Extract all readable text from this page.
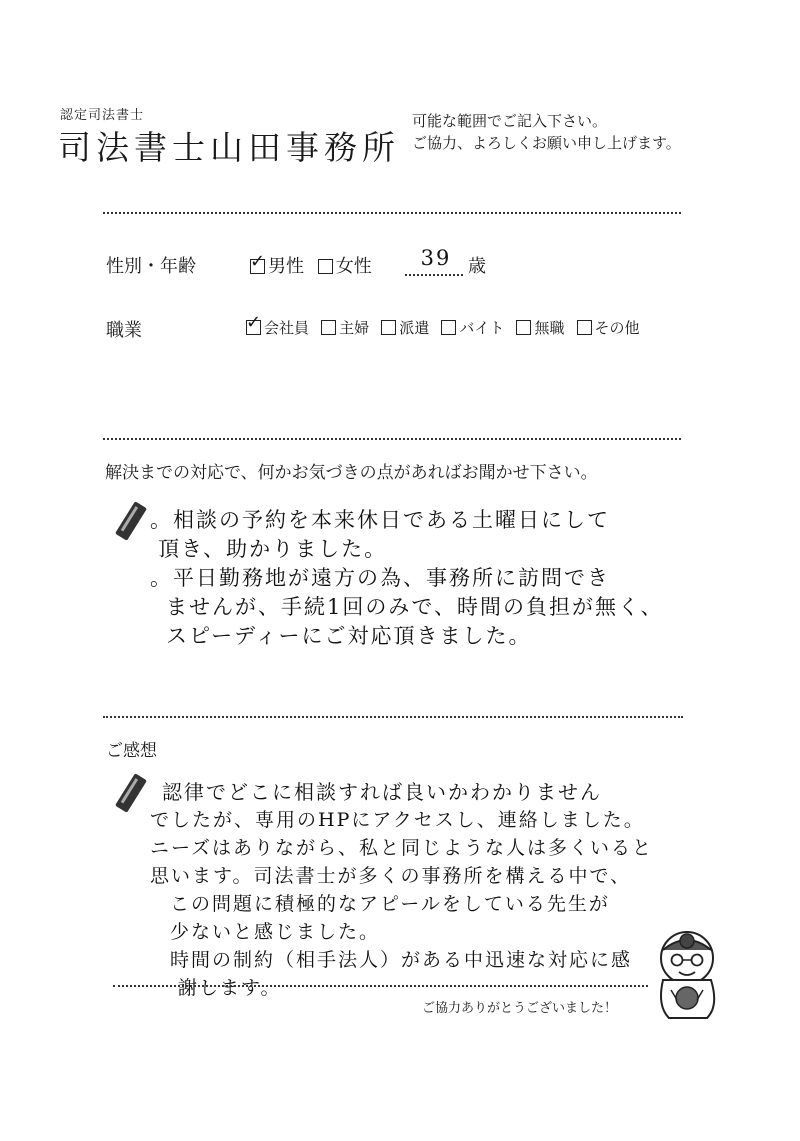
認定司法書士
司法書士山田事務所
可能な範囲でご記入下さい。
ご協力、よろしくお願い申し上げます。
性別・年齢	✓ 男性 女性	39 歳
職業	✓ 会社員 主婦 派遣 バイト 無職 その他
解決までの対応で、何かお気づきの点があればお聞かせ下さい。
。相談の予約を本来休日である土曜日にして
頂き、助かりました。
。平日勤務地が遠方の為、事務所に訪問でき
ませんが、手続1回のみで、時間の負担が無く、
スピーディーにご対応頂きました。
ご感想
認律でどこに相談すれば良いかわかりません
でしたが、専用のHPにアクセスし、連絡しました。
ニーズはありながら、私と同じような人は多くいると
思います。司法書士が多くの事務所を構える中で、
この問題に積極的なアピールをしている先生が
少ないと感じました。
時間の制約（相手法人）がある中迅速な対応に感
謝します。
ご協力ありがとうございました！
